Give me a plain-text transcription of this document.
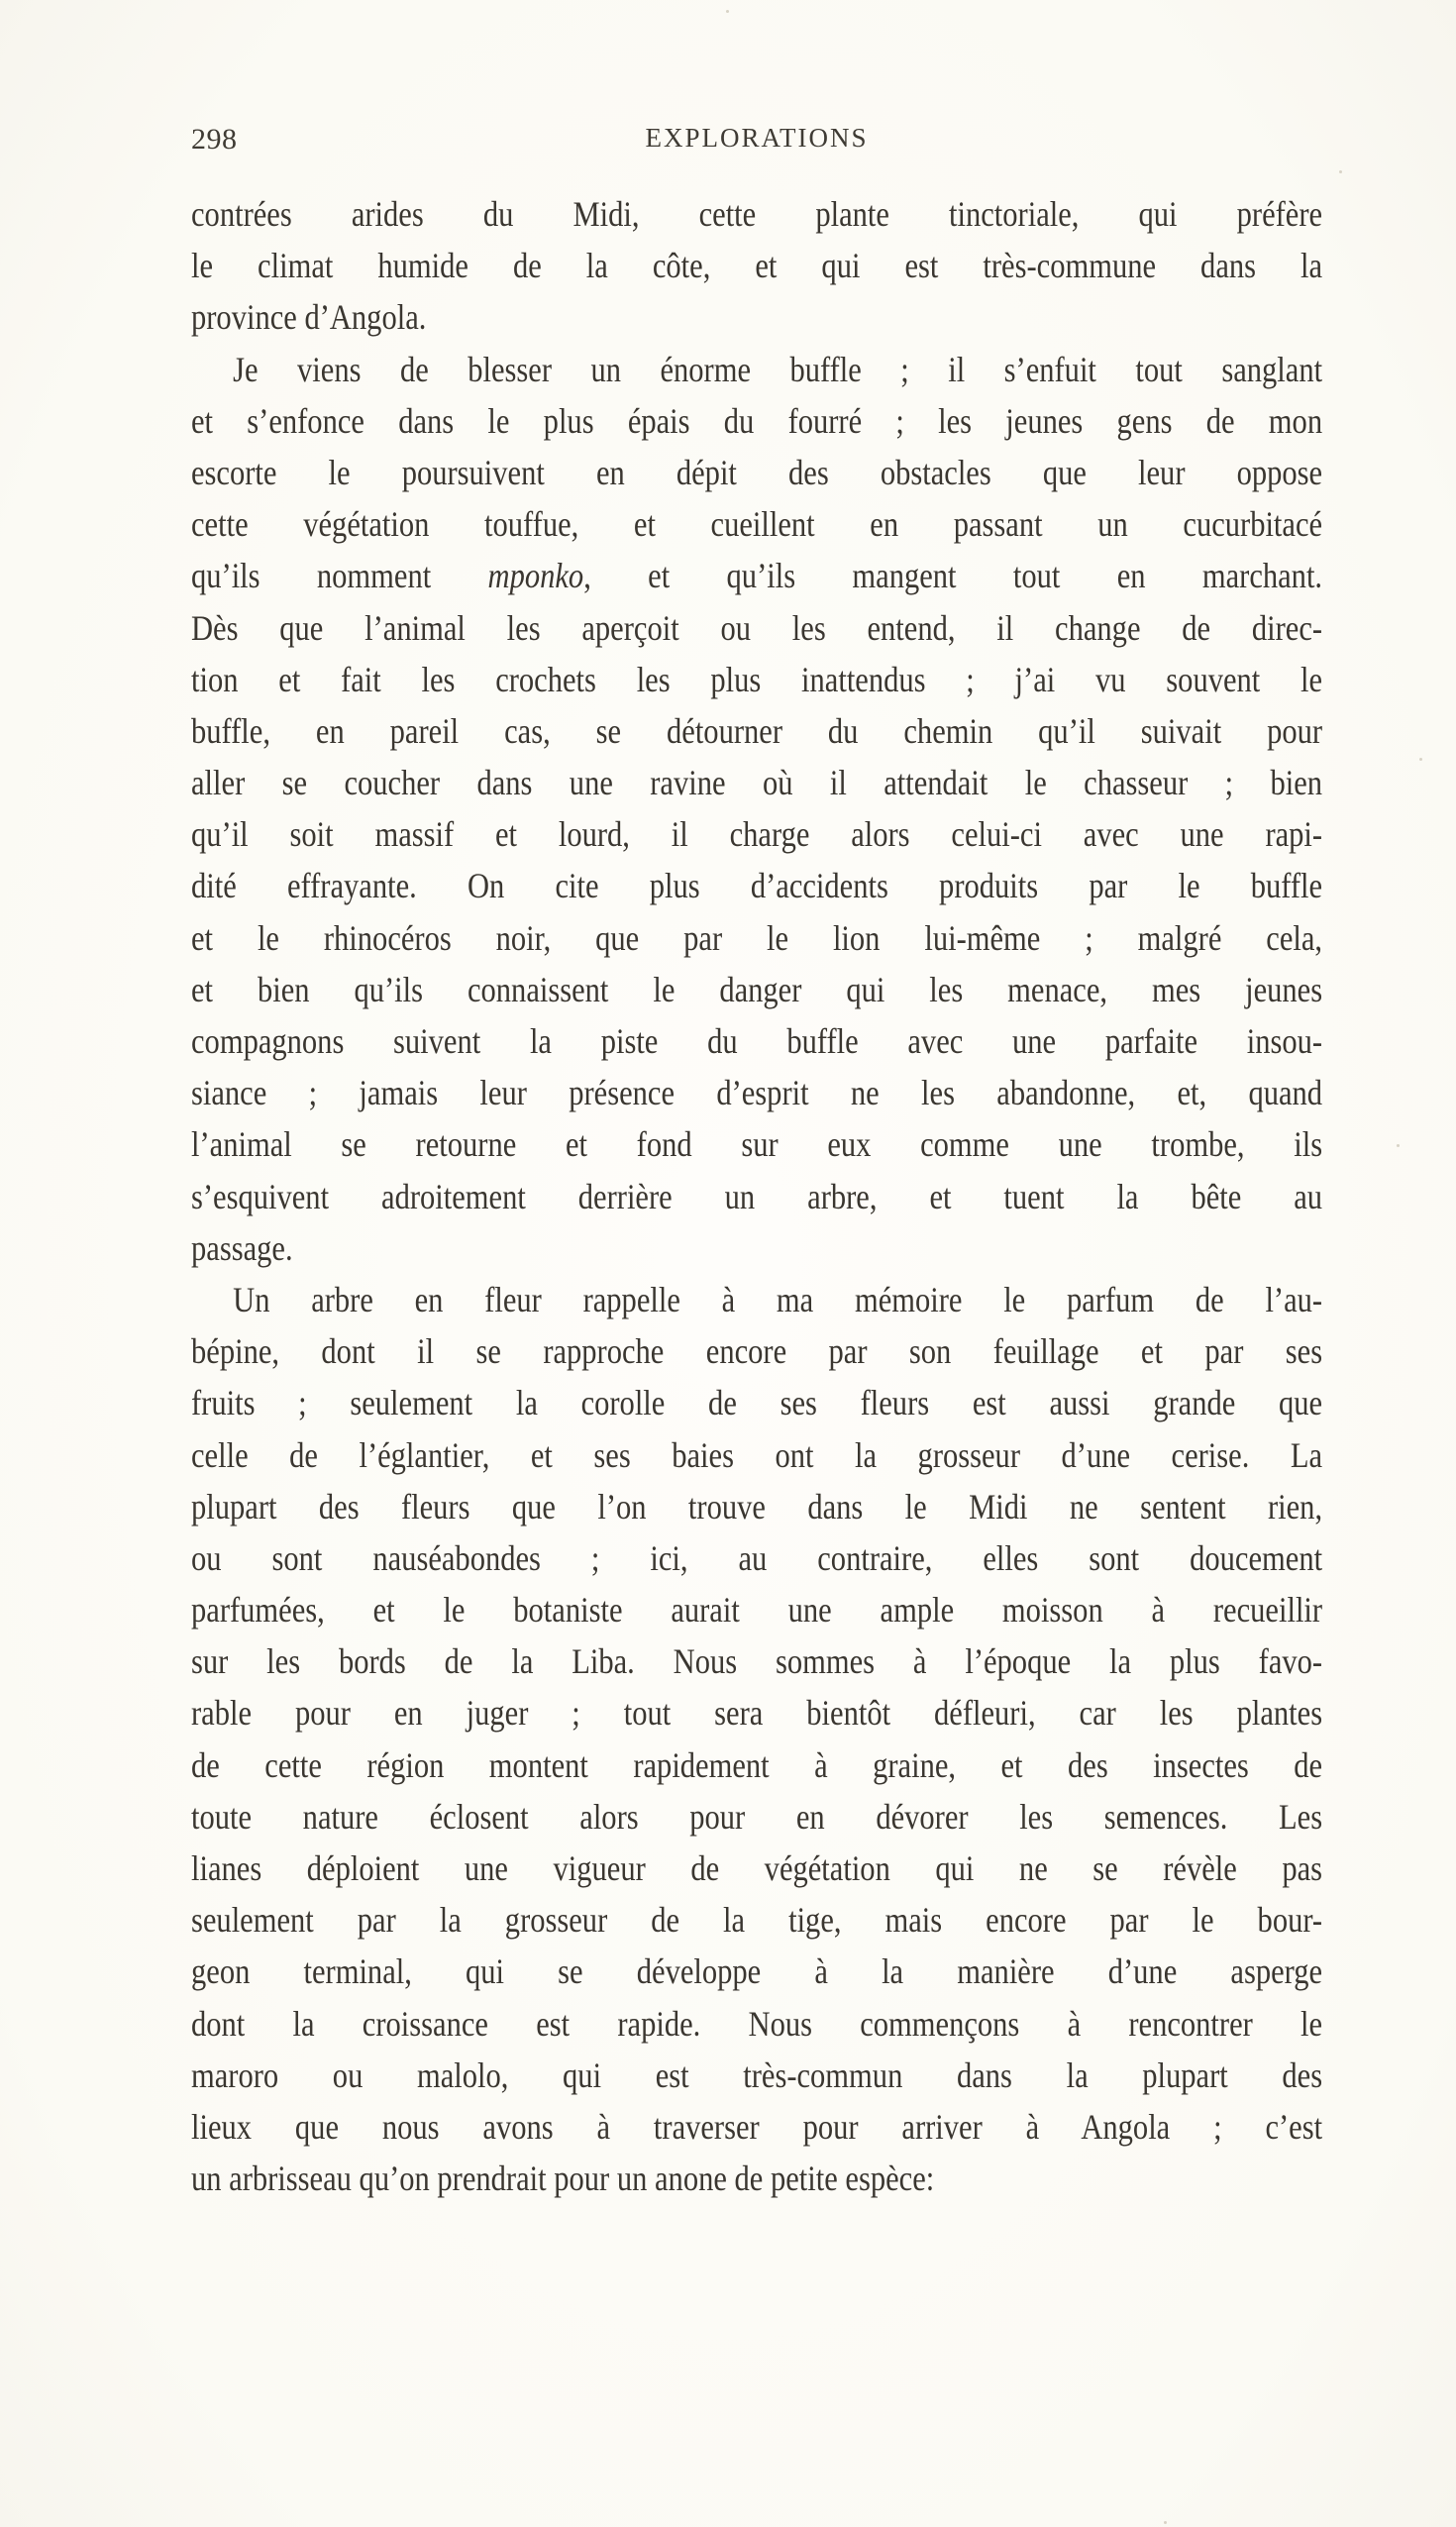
298	EXPLORATIONS
contrées arides du Midi, cette plante tinctoriale, qui préfère
le climat humide de la côte, et qui est très-commune dans la
province d’Angola.
Je viens de blesser un énorme buffle ; il s’enfuit tout sanglant
et s’enfonce dans le plus épais du fourré ; les jeunes gens de mon
escorte le poursuivent en dépit des obstacles que leur oppose
cette végétation touffue, et cueillent en passant un cucurbitacé
qu’ils nomment mponko, et qu’ils mangent tout en marchant.
Dès que l’animal les aperçoit ou les entend, il change de direc-
tion et fait les crochets les plus inattendus ; j’ai vu souvent le
buffle, en pareil cas, se détourner du chemin qu’il suivait pour
aller se coucher dans une ravine où il attendait le chasseur ; bien
qu’il soit massif et lourd, il charge alors celui-ci avec une rapi-
dité effrayante. On cite plus d’accidents produits par le buffle
et le rhinocéros noir, que par le lion lui-même ; malgré cela,
et bien qu’ils connaissent le danger qui les menace, mes jeunes
compagnons suivent la piste du buffle avec une parfaite insou-
siance ; jamais leur présence d’esprit ne les abandonne, et, quand
l’animal se retourne et fond sur eux comme une trombe, ils
s’esquivent adroitement derrière un arbre, et tuent la bête au
passage.
Un arbre en fleur rappelle à ma mémoire le parfum de l’au-
bépine, dont il se rapproche encore par son feuillage et par ses
fruits ; seulement la corolle de ses fleurs est aussi grande que
celle de l’églantier, et ses baies ont la grosseur d’une cerise. La
plupart des fleurs que l’on trouve dans le Midi ne sentent rien,
ou sont nauséabondes ; ici, au contraire, elles sont doucement
parfumées, et le botaniste aurait une ample moisson à recueillir
sur les bords de la Liba. Nous sommes à l’époque la plus favo-
rable pour en juger ; tout sera bientôt défleuri, car les plantes
de cette région montent rapidement à graine, et des insectes de
toute nature éclosent alors pour en dévorer les semences. Les
lianes déploient une vigueur de végétation qui ne se révèle pas
seulement par la grosseur de la tige, mais encore par le bour-
geon terminal, qui se développe à la manière d’une asperge
dont la croissance est rapide. Nous commençons à rencontrer le
maroro ou malolo, qui est très-commun dans la plupart des
lieux que nous avons à traverser pour arriver à Angola ; c’est
un arbrisseau qu’on prendrait pour un anone de petite espèce:
